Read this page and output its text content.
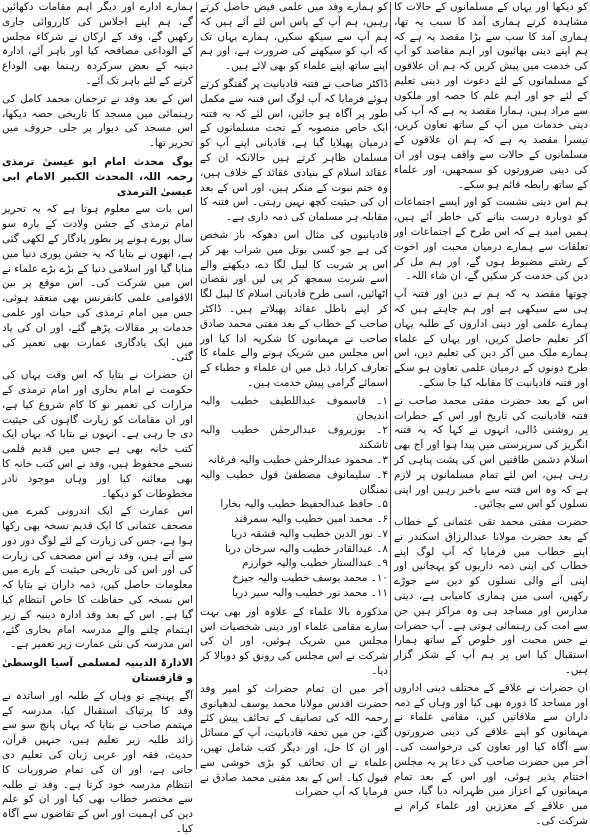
کو دیکھا اور یہاں کے مسلمانوں کے حالات کا مشاہدہ کرنے ہماری آمد کا سبب یہ تھا، ہماری آمد کا سب سے بڑا مقصد یہ ہے کہ ہم اپنے دینی بھائیوں اور اہم مقاصد کو آپ کی خدمت میں پیش کریں کہ ہم ان علاقوں کے مسلمانوں کے لئے دعوت اور دینی تعلیم کے لئے جو اور اہم علم کا حصہ اور ملکوں سے مراد ہیں، ہمارا مقصد یہ ہے کہ آپ کی دینی خدمات میں آپ کے ساتھ تعاون کریں، تیسرا مقصد یہ ہے کہ ہم ان علاقوں کے مسلمانوں کے حالات سے واقف ہوں اور ان کی دینی ضرورتوں کو سمجھیں، اور علماء کے ساتھ رابطہ قائم ہو سکے۔

ہم اس دینی نشست کو اور ایسے اجتماعات کو دوبارہ درست بنانے کی خاطر آئے ہیں، ہمیں امید ہے کہ اس طرح کے اجتماعات اور تعلقات سے ہمارے درمیان محبت اور اخوت کے رشتے مضبوط ہوں گے، اور ہم مل کر دین کی خدمت کر سکیں گے، ان شاء اللہ۔

چوتھا مقصد یہ کہ ہم نے دین اور فتنہ آپ ہی سے سیکھی ہے اور ہم چاہتے ہیں کہ ہمارے علمی اور دینی اداروں کے طلبہ یہاں آکر تعلیم حاصل کریں، اور یہاں کے علماء ہمارے ملک میں آکر دین کی تعلیم دیں، اس طرح دونوں کے درمیان علمی تعاون ہو سکے اور فتنہ قادیانیت کا مقابلہ کیا جا سکے۔

اس کے بعد حضرت مفتی محمد صاحب نے فتنہ قادیانیت کی تاریخ اور اس کے خطرات پر روشنی ڈالی، انہوں نے کہا کہ یہ فتنہ انگریز کی سرپرستی میں پیدا ہوا اور آج بھی اسلام دشمن طاقتیں اس کی پشت پناہی کر رہی ہیں، اس لئے تمام مسلمانوں پر لازم ہے کہ وہ اس فتنہ سے باخبر رہیں اور اپنی نسلوں کو اس سے بچائیں۔

حضرت مفتی محمد تقی عثمانی کے خطاب کے بعد حضرت مولانا عبدالرزاق اسکندر نے اپنے خطاب میں فرمایا کہ آپ لوگ اپنے خطاب کی اپنی ذمہ داریوں کو پہچانیں اور اپنی آنے والی نسلوں کو دین سے جوڑے رکھیں، اسی میں ہماری کامیابی ہے، دینی مدارس اور مساجد ہی وہ مراکز ہیں جن سے امت کی رہنمائی ہوتی ہے۔ آپ حضرات نے جس محبت اور خلوص کے ساتھ ہمارا استقبال کیا اس پر ہم آپ کے شکر گزار ہیں۔

ان حضرات نے علاقے کے مختلف دینی اداروں اور مساجد کا دورہ بھی کیا اور وہاں کے ذمہ داران سے ملاقاتیں کیں، مقامی علماء نے مہمانوں کو اپنے علاقے کی دینی ضرورتوں سے آگاہ کیا اور تعاون کی درخواست کی۔ آخر میں حضرت صاحب کی دعا پر یہ مجلس اختتام پذیر ہوئی، اور اس کے بعد تمام مہمانوں کے اعزاز میں ظہرانہ دیا گیا، جس میں علاقے کے معززین اور علماء کرام نے شرکت کی۔

کو ہمارے وفد میں علمی فیض حاصل کرتے رہیں، ہم آپ کے پاس اس لئے آئے ہیں کہ ہم آپ سے سیکھ سکیں، ہمارے یہاں تک کہ آپ کو سیکھنے کی ضرورت ہے، اور ہم اپنے ساتھ اپنے علماء کو بھی لائے ہیں۔

ڈاکٹر صاحب نے فتنہ قادیانیت پر گفتگو کرتے ہوئے فرمایا کہ آپ لوگ اس فتنہ سے مکمل طور پر آگاہ ہو جائیں، اس لئے کہ یہ فتنہ ایک خاص منصوبہ کے تحت مسلمانوں کے درمیان پھیلایا گیا ہے، قادیانی اپنے آپ کو مسلمان ظاہر کرتے ہیں حالانکہ ان کے عقائد اسلام کے بنیادی عقائد کے خلاف ہیں، وہ ختم نبوت کے منکر ہیں، اور اس کے بعد ان کی حیثیت کچھ نہیں رہتی۔ اس فتنہ کا مقابلہ ہر مسلمان کی ذمہ داری ہے۔

قادیانیوں کی مثال اس دھوکہ باز شخص کی ہے جو کسی بوتل میں شراب بھر کر اس پر شربت کا لیبل لگا دے، دیکھنے والے اسے شربت سمجھ کر پی لیں اور نقصان اٹھائیں، اسی طرح قادیانی اسلام کا لیبل لگا کر اپنے باطل عقائد پھیلاتے ہیں۔ ڈاکٹر صاحب کے خطاب کے بعد مفتی محمد صادق صاحب نے مہمانوں کا شکریہ ادا کیا اور اس مجلس میں شریک ہونے والے علماء کا تعارف کرایا، ذیل میں ان علماء و خطباء کے اسمائے گرامی پیش خدمت ہیں۔

۱۔ قاسموف عبداللطیف خطیب والیہ اندیجان
۲۔ یوزیروف عبدالرحمٰن خطیب والیہ تاشکند
۳۔ محمود عبدالرحمٰن خطیب والیہ فرغانہ
۴۔ سلیمانوف مصطفیٰ قول خطیب والیہ نمنگان
۵۔ حافظ عبدالحفیظ خطیب والیہ بخارا
۶۔ محمد امین خطیب والیہ سمرقند
۷۔ نور الدین خطیب والیہ قشقہ دریا
۸۔ عبدالقادر خطیب والیہ سرخان دریا
۹۔ عبدالستار خطیب والیہ خوارزم
۱۰۔ محمد یوسف خطیب والیہ جیزخ
۱۱۔ محمد نور خطیب والیہ سیر دریا

مذکورہ بالا علماء کے علاوہ اور بھی بہت سارے مقامی علماء اور دینی شخصیات اس مجلس میں شریک ہوئیں، اور ان کی شرکت نے اس مجلس کی رونق کو دوبالا کر دیا۔

آخر میں ان تمام حضرات کو امیر وفد حضرت اقدس مولانا محمد یوسف لدھیانوی رحمہ اللہ کی تصانیف کے تحائف پیش کئے گئے، جن میں تحفہ قادیانیت، آپ کے مسائل اور ان کا حل، اور دیگر کتب شامل تھیں، علماء نے ان تحائف کو بڑی خوشی سے قبول کیا۔ اس کے بعد مفتی محمد صادق نے فرمایا کہ آپ حضرات

ہمارے ادارے اور دیگر اہم مقامات دکھائیں گے، ہم اپنے اجلاس کی کارروائی جاری رکھیں گے، وفد کے ارکان نے شرکاء مجلس کے الوداعی مصافحہ کیا اور باہر آئے، ادارہ دینیہ کے بعض سرکردہ رہنما بھی الوداع کرنے کے لئے باہر تک آئے۔

اس کے بعد وفد نے ترجمان محمد کامل کی رہنمائی میں مسجد کا تاریخی حصہ دیکھا، اس مسجد کی دیوار پر جلی حروف میں تحریر تھا۔

یوگ محدث امام ابو عیسیٰ ترمذی رحمہ اللہ، المحدث الکبیر الامام ابی عیسیٰ الترمذی

اس بات سے معلوم ہوتا ہے کہ یہ تحریر امام ترمذی کے جشن ولادت کے بارہ سو سال پورے ہونے پر بطور یادگار کے لکھی گئی ہے، انھوں نے بتایا کہ یہ جشن پوری دنیا میں منایا گیا اور اسلامی دنیا کے بڑے بڑے علماء نے اس میں شرکت کی۔ اس موقع پر بین الاقوامی علمی کانفرنس بھی منعقد ہوئی، جس میں امام ترمذی کی حیات اور علمی خدمات پر مقالات پڑھے گئے، اور ان کی یاد میں ایک یادگاری عمارت بھی تعمیر کی گئی۔

ان حضرات نے بتایا کہ اس وقت یہاں کی حکومت نے امام بخاری اور امام ترمذی کے مزارات کی تعمیر نو کا کام شروع کیا ہے، اور ان مقامات کو زیارت گاہوں کی حیثیت دی جا رہی ہے۔ انہوں نے بتایا کہ یہاں ایک کتب خانہ بھی ہے جس میں قدیم قلمی نسخے محفوظ ہیں، وفد نے اس کتب خانہ کا بھی معائنہ کیا اور وہاں موجود نادر مخطوطات کو دیکھا۔

اس عمارت کے ایک اندرونی کمرے میں مصحف عثمانی کا ایک قدیم نسخہ بھی رکھا ہوا ہے، جس کی زیارت کے لئے لوگ دور دور سے آتے ہیں، وفد نے اس مصحف کی زیارت کی اور اس کی تاریخی حیثیت کے بارے میں معلومات حاصل کیں، ذمہ داران نے بتایا کہ اس نسخہ کی حفاظت کا خاص انتظام کیا گیا ہے۔ اس کے بعد وفد ادارہ دینیہ کے زیر اہتمام چلنے والے مدرسہ امام بخاری گئے، اس مدرسہ کی نئی عمارت زیر تعمیر ہے۔

الادارۃ الدینیہ لمسلمی آسیا الوسطیٰ و قازقستان

آگے پہنچے تو وہاں کے طلبہ اور اساتذہ نے وفد کا پرتپاک استقبال کیا، مدرسہ کے مہتمم صاحب نے بتایا کہ یہاں پانچ سو سے زائد طلبہ زیر تعلیم ہیں، جنہیں قرآن، حدیث، فقہ اور عربی زبان کی تعلیم دی جاتی ہے، اور ان کی تمام ضروریات کا انتظام مدرسہ خود کرتا ہے۔ وفد نے طلبہ سے مختصر خطاب بھی کیا اور ان کو علم دین کی اہمیت اور اس کے تقاضوں سے آگاہ کیا۔
